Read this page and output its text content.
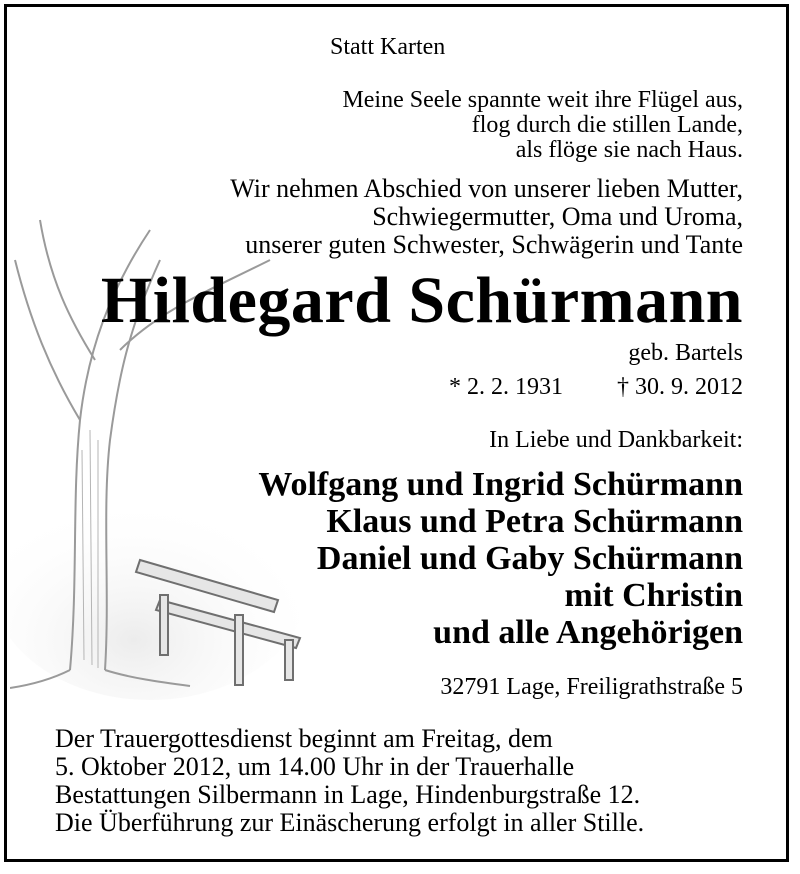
Statt Karten
Meine Seele spannte weit ihre Flügel aus,
flog durch die stillen Lande,
als flöge sie nach Haus.
Wir nehmen Abschied von unserer lieben Mutter,
Schwiegermutter, Oma und Uroma,
unserer guten Schwester, Schwägerin und Tante
Hildegard Schürmann
geb. Bartels
* 2. 2. 1931 † 30. 9. 2012
In Liebe und Dankbarkeit:
Wolfgang und Ingrid Schürmann
Klaus und Petra Schürmann
Daniel und Gaby Schürmann
mit Christin
und alle Angehörigen
32791 Lage, Freiligrathstraße 5
Der Trauergottesdienst beginnt am Freitag, dem
5. Oktober 2012, um 14.00 Uhr in der Trauerhalle
Bestattungen Silbermann in Lage, Hindenburgstraße 12.
Die Überführung zur Einäscherung erfolgt in aller Stille.
